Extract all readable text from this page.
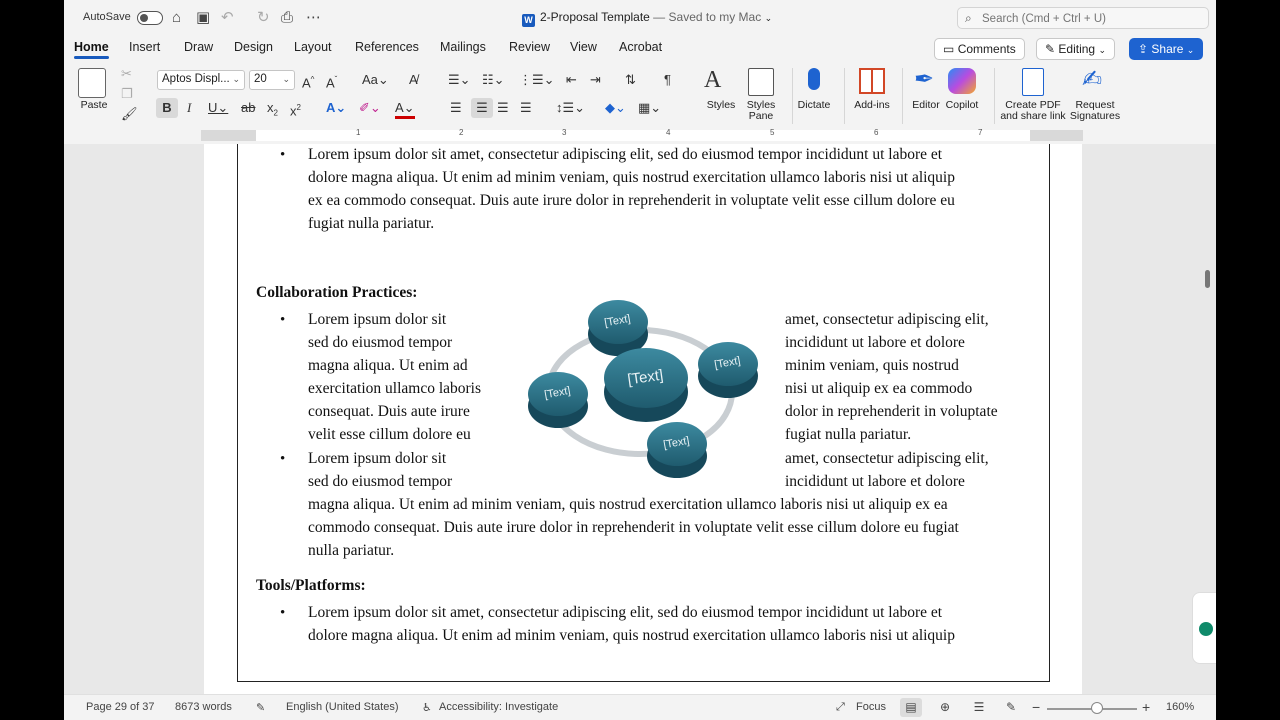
AutoSave	⌂ ▣ ↶ ↻ ⎙ ⋯	W 2-Proposal Template — Saved to my Mac ⌄	⌕
Search (Cmd + Ctrl + U)
Home Insert Draw Design Layout References Mailings Review View Acrobat	▭ Comments	✎ Editing ⌄	⇪ Share ⌄
Paste
✂
❐
🖌
Aptos Displ... ⌄	20 ⌄ A^ $A^ˇ$ Aa⌄ A̸
B	I U⌄ ab $x_2$ $x^2$ A⌄ ✐⌄ A⌄
☰⌄ ☷⌄ ⋮☰⌄ ⇤ ⇥ ⇅ ¶
☰	☰ ☰ ☰ ↕☰⌄ ◆⌄ ▦⌄
A
Styles	Styles Pane
Dictate	Add-ins
✒
Editor Copilot	Create PDF and share link
✍
Request Signatures
1	2	3	4	5	6	7
• Lorem ipsum dolor sit amet, consectetur adipiscing elit, sed do eiusmod tempor incididunt ut labore et
dolore magna aliqua. Ut enim ad minim veniam, quis nostrud exercitation ullamco laboris nisi ut aliquip
ex ea commodo consequat. Duis aute irure dolor in reprehenderit in voluptate velit esse cillum dolore eu
fugiat nulla pariatur.
Collaboration Practices:
• Lorem ipsum dolor sit
sed do eiusmod tempor
magna aliqua. Ut enim ad
exercitation ullamco laboris
consequat. Duis aute irure
velit esse cillum dolore eu
amet, consectetur adipiscing elit,
incididunt ut labore et dolore
minim veniam, quis nostrud
nisi ut aliquip ex ea commodo
dolor in reprehenderit in voluptate
fugiat nulla pariatur.
• Lorem ipsum dolor sit
sed do eiusmod tempor
amet, consectetur adipiscing elit,
incididunt ut labore et dolore
magna aliqua. Ut enim ad minim veniam, quis nostrud exercitation ullamco laboris nisi ut aliquip ex ea
commodo consequat. Duis aute irure dolor in reprehenderit in voluptate velit esse cillum dolore eu fugiat
nulla pariatur.
Tools/Platforms:
• Lorem ipsum dolor sit amet, consectetur adipiscing elit, sed do eiusmod tempor incididunt ut labore et
dolore magna aliqua. Ut enim ad minim veniam, quis nostrud exercitation ullamco laboris nisi ut aliquip
[Text]
[Text]
[Text]
[Text]
[Text]
Page 29 of 37 8673 words ✎ English (United States) ♿ Accessibility: Investigate	⤢ Focus	▤	⊕	☰	✎	−	+ 160%
